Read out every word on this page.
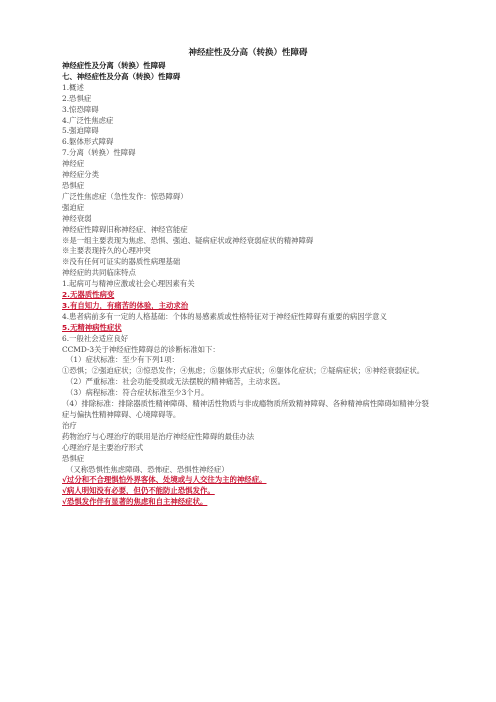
神经症性及分高（转换）性障碍
神经症性及分离（转换）性障碍
七、神经症性及分高（转换）性障碍
1.概述
2.恐惧症
3.惊恐障碍
4.广泛性焦虑症
5.强迫障碍
6.躯体形式障碍
7.分离（转换）性障碍
神经症
神经症分类
恐惧症
广泛性焦虑症（急性发作：惊恐障碍）
强迫症
神经衰弱
神经症性障碍旧称神经症、神经官能症
※是一组主要表现为焦虑、恐惧、强迫、疑病症状或神经衰弱症状的精神障碍
※主要表现持久的心理冲突
※没有任何可证实的器质性病理基础
神经症的共同临床特点
1.起病可与精神应激或社会心理因素有关
2.无器质性病变
3.有自知力，有痛苦的体验，主动求治
4.患者病前多有一定的人格基础：个体的易感素质或性格特征对于神经症性障碍有重要的病因学意义
5.无精神病性症状
6.一般社会适应良好
CCMD-3关于神经症性障碍总的诊断标准如下：
（1）症状标准：至少有下列1项：
①恐惧；②强迫症状；③惊恐发作；④焦虑；⑤躯体形式症状；⑥躯体化症状；⑦疑病症状；⑧神经衰弱症状。
（2）严重标准：社会功能受损或无法摆脱的精神痛苦，主动求医。
（3）病程标准：符合症状标准至少3个月。
（4）排除标准：排除器质性精神障碍、精神活性物质与非成瘾物质所致精神障碍、各种精神病性障碍如精神分裂症与偏执性精神障碍、心境障碍等。
治疗
药物治疗与心理治疗的联用是治疗神经症性障碍的最佳办法
心理治疗是主要治疗形式
恐惧症
（又称恐惧性焦虑障碍、恐怖症、恐惧性神经症）
√过分和不合理惧怕外界客体、处境或与人交往为主的神经症。
√病人明知没有必要，但仍不能防止恐惧发作。
√恐惧发作伴有显著的焦虑和自主神经症状。
